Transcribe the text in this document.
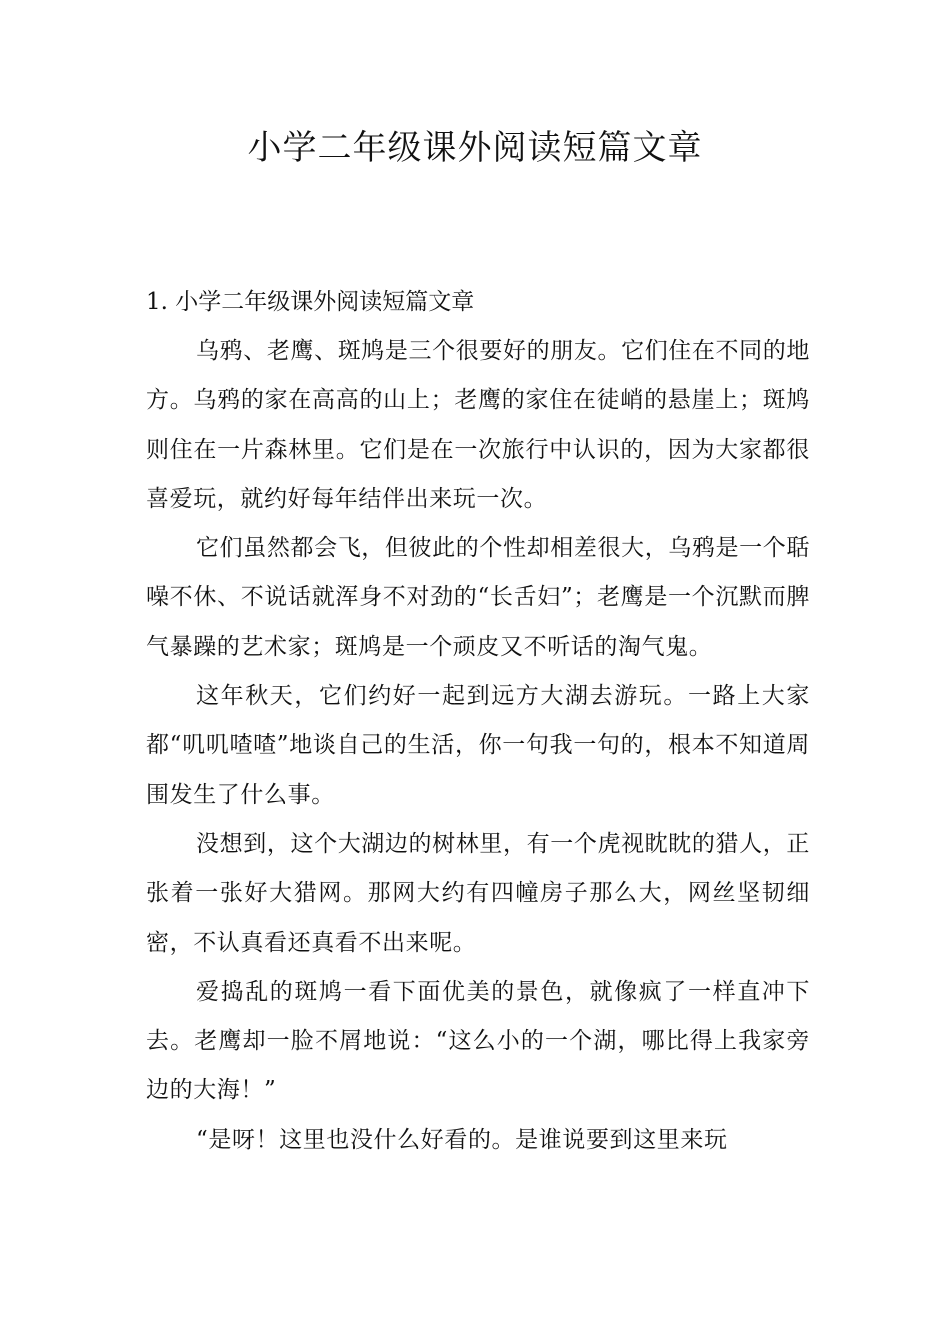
小学二年级课外阅读短篇文章
1. 小学二年级课外阅读短篇文章

乌鸦、老鹰、斑鸠是三个很要好的朋友。它们住在不同的地方。乌鸦的家在高高的山上；老鹰的家住在徒峭的悬崖上；斑鸠则住在一片森林里。它们是在一次旅行中认识的，因为大家都很喜爱玩，就约好每年结伴出来玩一次。

它们虽然都会飞，但彼此的个性却相差很大，乌鸦是一个聒噪不休、不说话就浑身不对劲的“长舌妇”；老鹰是一个沉默而脾气暴躁的艺术家；斑鸠是一个顽皮又不听话的淘气鬼。

这年秋天，它们约好一起到远方大湖去游玩。一路上大家都“叽叽喳喳”地谈自己的生活，你一句我一句的，根本不知道周围发生了什么事。

没想到，这个大湖边的树林里，有一个虎视眈眈的猎人，正张着一张好大猎网。那网大约有四幢房子那么大，网丝坚韧细密，不认真看还真看不出来呢。

爱捣乱的斑鸠一看下面优美的景色，就像疯了一样直冲下去。老鹰却一脸不屑地说：“这么小的一个湖，哪比得上我家旁边的大海！”

“是呀！这里也没什么好看的。是谁说要到这里来玩
